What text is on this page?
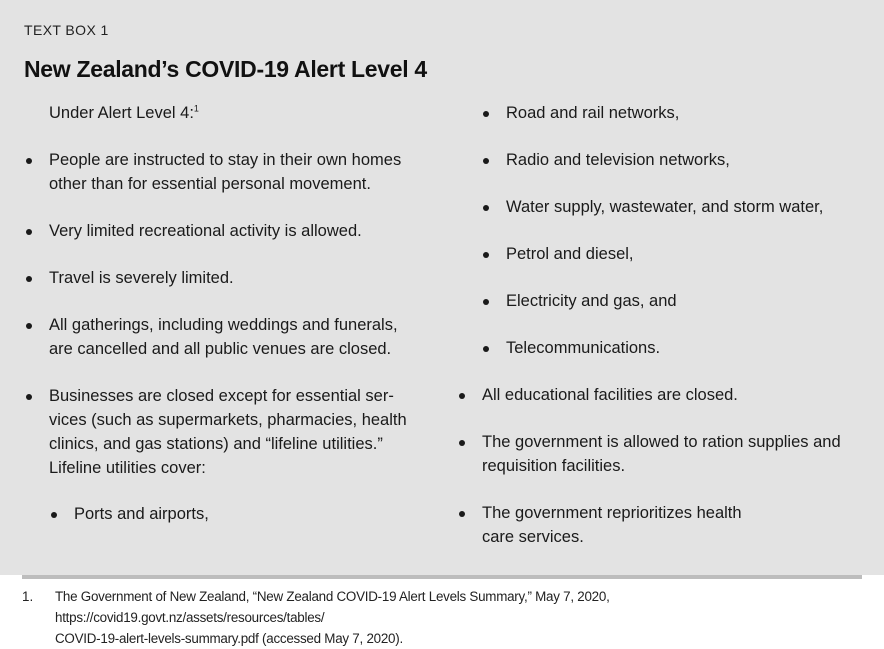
TEXT BOX 1
New Zealand’s COVID-19 Alert Level 4
Under Alert Level 4:$^1$
People are instructed to stay in their own homes
other than for essential personal movement.
Very limited recreational activity is allowed.
Travel is severely limited.
All gatherings, including weddings and funerals,
are cancelled and all public venues are closed.
Businesses are closed except for essential ser-
vices (such as supermarkets, pharmacies, health
clinics, and gas stations) and “lifeline utilities.”
Lifeline utilities cover:
Ports and airports,
Road and rail networks,
Radio and television networks,
Water supply, wastewater, and storm water,
Petrol and diesel,
Electricity and gas, and
Telecommunications.
All educational facilities are closed.
The government is allowed to ration supplies and
requisition facilities.
The government reprioritizes health
care services.
1. The Government of New Zealand, “New Zealand COVID-19 Alert Levels Summary,” May 7, 2020, https://covid19.govt.nz/assets/resources/tables/
COVID-19-alert-levels-summary.pdf (accessed May 7, 2020).
